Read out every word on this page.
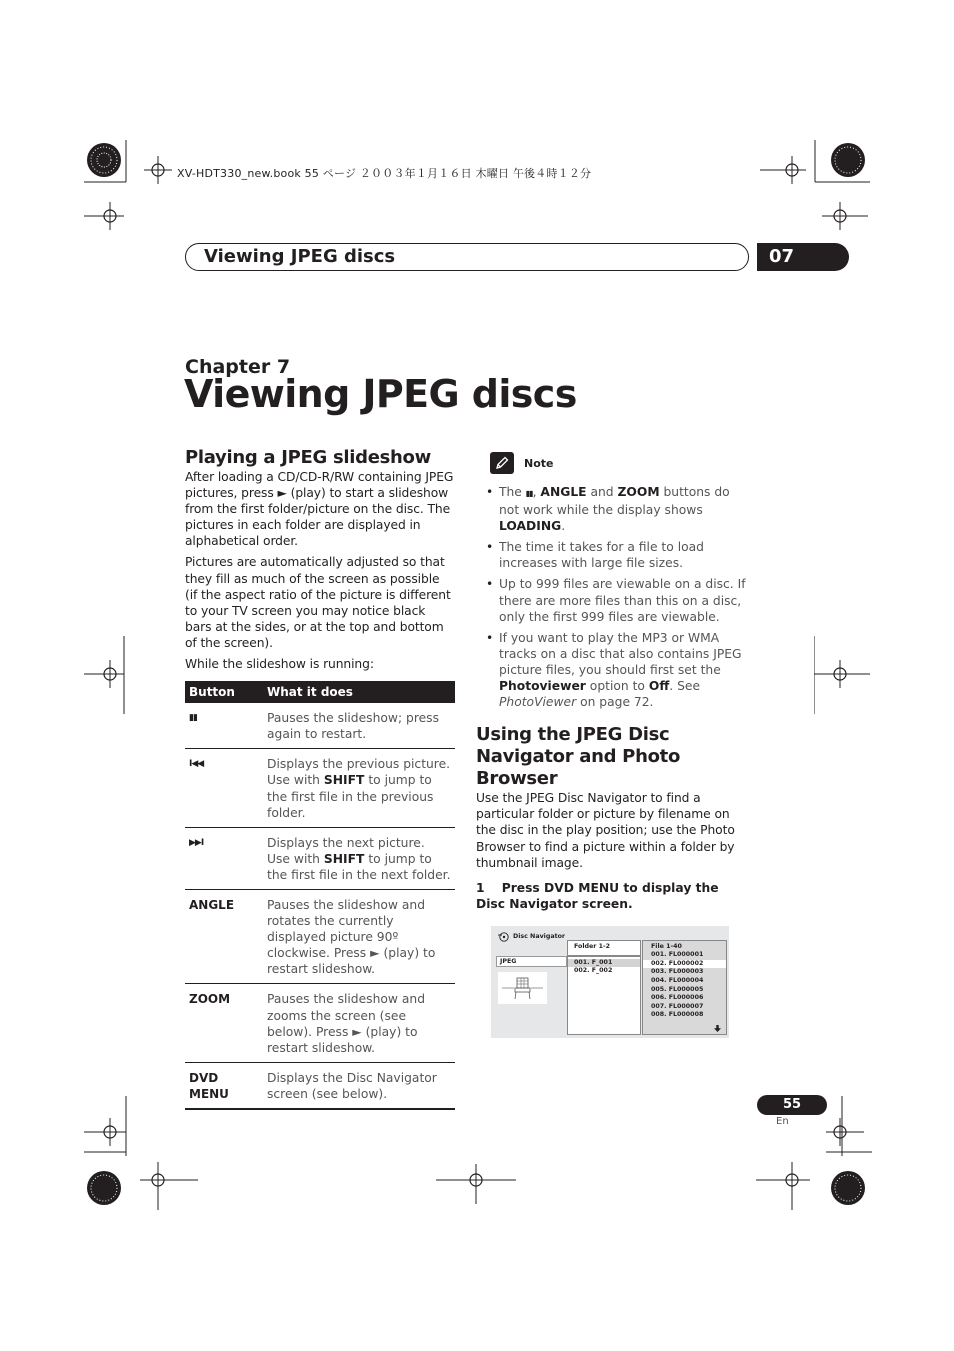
XV-HDT330_new.book 55 ページ ２００３年１月１６日 木曜日 午後４時１２分
Viewing JPEG discs	07
Chapter 7
Viewing JPEG discs
Playing a JPEG slideshow

After loading a CD/CD-R/RW containing JPEG pictures, press ► (play) to start a slideshow from the first folder/picture on the disc. The pictures in each folder are displayed in alphabetical order.

Pictures are automatically adjusted so that they fill as much of the screen as possible (if the aspect ratio of the picture is different to your TV screen you may notice black bars at the sides, or at the top and bottom of the screen).

While the slideshow is running:

Button	What it does
▮▮	Pauses the slideshow; press again to restart.
I◀◀	Displays the previous picture. Use with SHIFT to jump to the first file in the previous folder.
▶▶I	Displays the next picture. Use with SHIFT to jump to the first file in the next folder.
ANGLE	Pauses the slideshow and rotates the currently displayed picture 90º clockwise. Press ► (play) to restart slideshow.
ZOOM	Pauses the slideshow and zooms the screen (see below). Press ► (play) to restart slideshow.
DVD MENU	Displays the Disc Navigator screen (see below).
Note
• The ▮▮, ANGLE and ZOOM buttons do not work while the display shows LOADING.
• The time it takes for a file to load increases with large file sizes.
• Up to 999 files are viewable on a disc. If there are more files than this on a disc, only the first 999 files are viewable.
• If you want to play the MP3 or WMA tracks on a disc that also contains JPEG picture files, you should first set the Photoviewer option to Off. See PhotoViewer on page 72.
Using the JPEG Disc Navigator and Photo Browser

Use the JPEG Disc Navigator to find a particular folder or picture by filename on the disc in the play position; use the Photo Browser to find a picture within a folder by thumbnail image.

1 Press DVD MENU to display the Disc Navigator screen.

Disc Navigator
JPEG
Folder 1-2
001. F_001
002. F_002
File 1-40
001. FL000001
002. FL000002
003. FL000003
004. FL000004
005. FL000005
006. FL000006
007. FL000007
008. FL000008
55
En
